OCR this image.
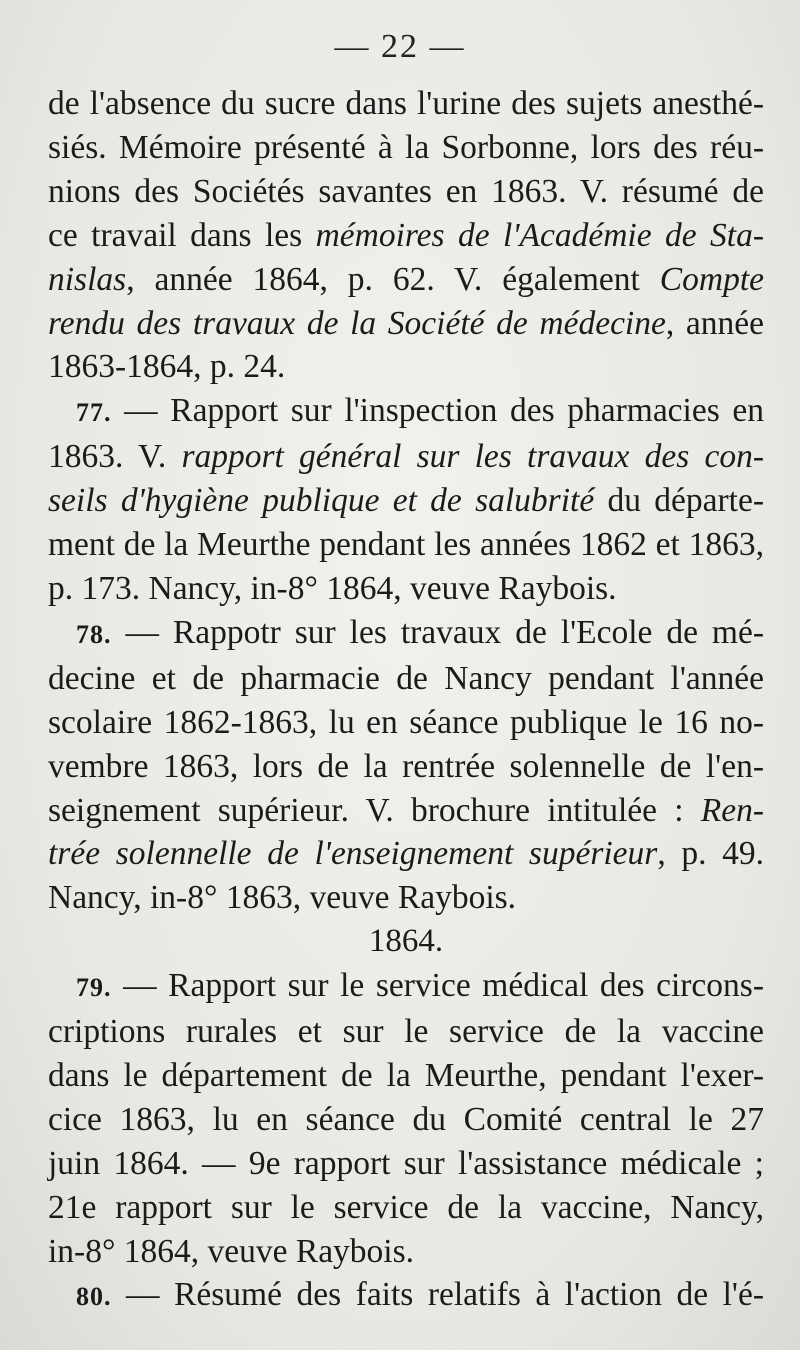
— 22 —

de l'absence du sucre dans l'urine des sujets anesthé-
siés. Mémoire présenté à la Sorbonne, lors des réu-
nions des Sociétés savantes en 1863. V. résumé de
ce travail dans les mémoires de l'Académie de Sta-
nislas, année 1864, p. 62. V. également Compte
rendu des travaux de la Société de médecine, année
1863-1864, p. 24.

77. — Rapport sur l'inspection des pharmacies en
1863. V. rapport général sur les travaux des con-
seils d'hygiène publique et de salubrité du départe-
ment de la Meurthe pendant les années 1862 et 1863,
p. 173. Nancy, in-8° 1864, veuve Raybois.

78. — Rappotr sur les travaux de l'Ecole de mé-
decine et de pharmacie de Nancy pendant l'année
scolaire 1862-1863, lu en séance publique le 16 no-
vembre 1863, lors de la rentrée solennelle de l'en-
seignement supérieur. V. brochure intitulée : Ren-
trée solennelle de l'enseignement supérieur, p. 49.
Nancy, in-8° 1863, veuve Raybois.

1864.

79. — Rapport sur le service médical des circons-
criptions rurales et sur le service de la vaccine
dans le département de la Meurthe, pendant l'exer-
cice 1863, lu en séance du Comité central le 27
juin 1864. — 9e rapport sur l'assistance médicale ;
21e rapport sur le service de la vaccine, Nancy,
in-8° 1864, veuve Raybois.

80. — Résumé des faits relatifs à l'action de l'é-
